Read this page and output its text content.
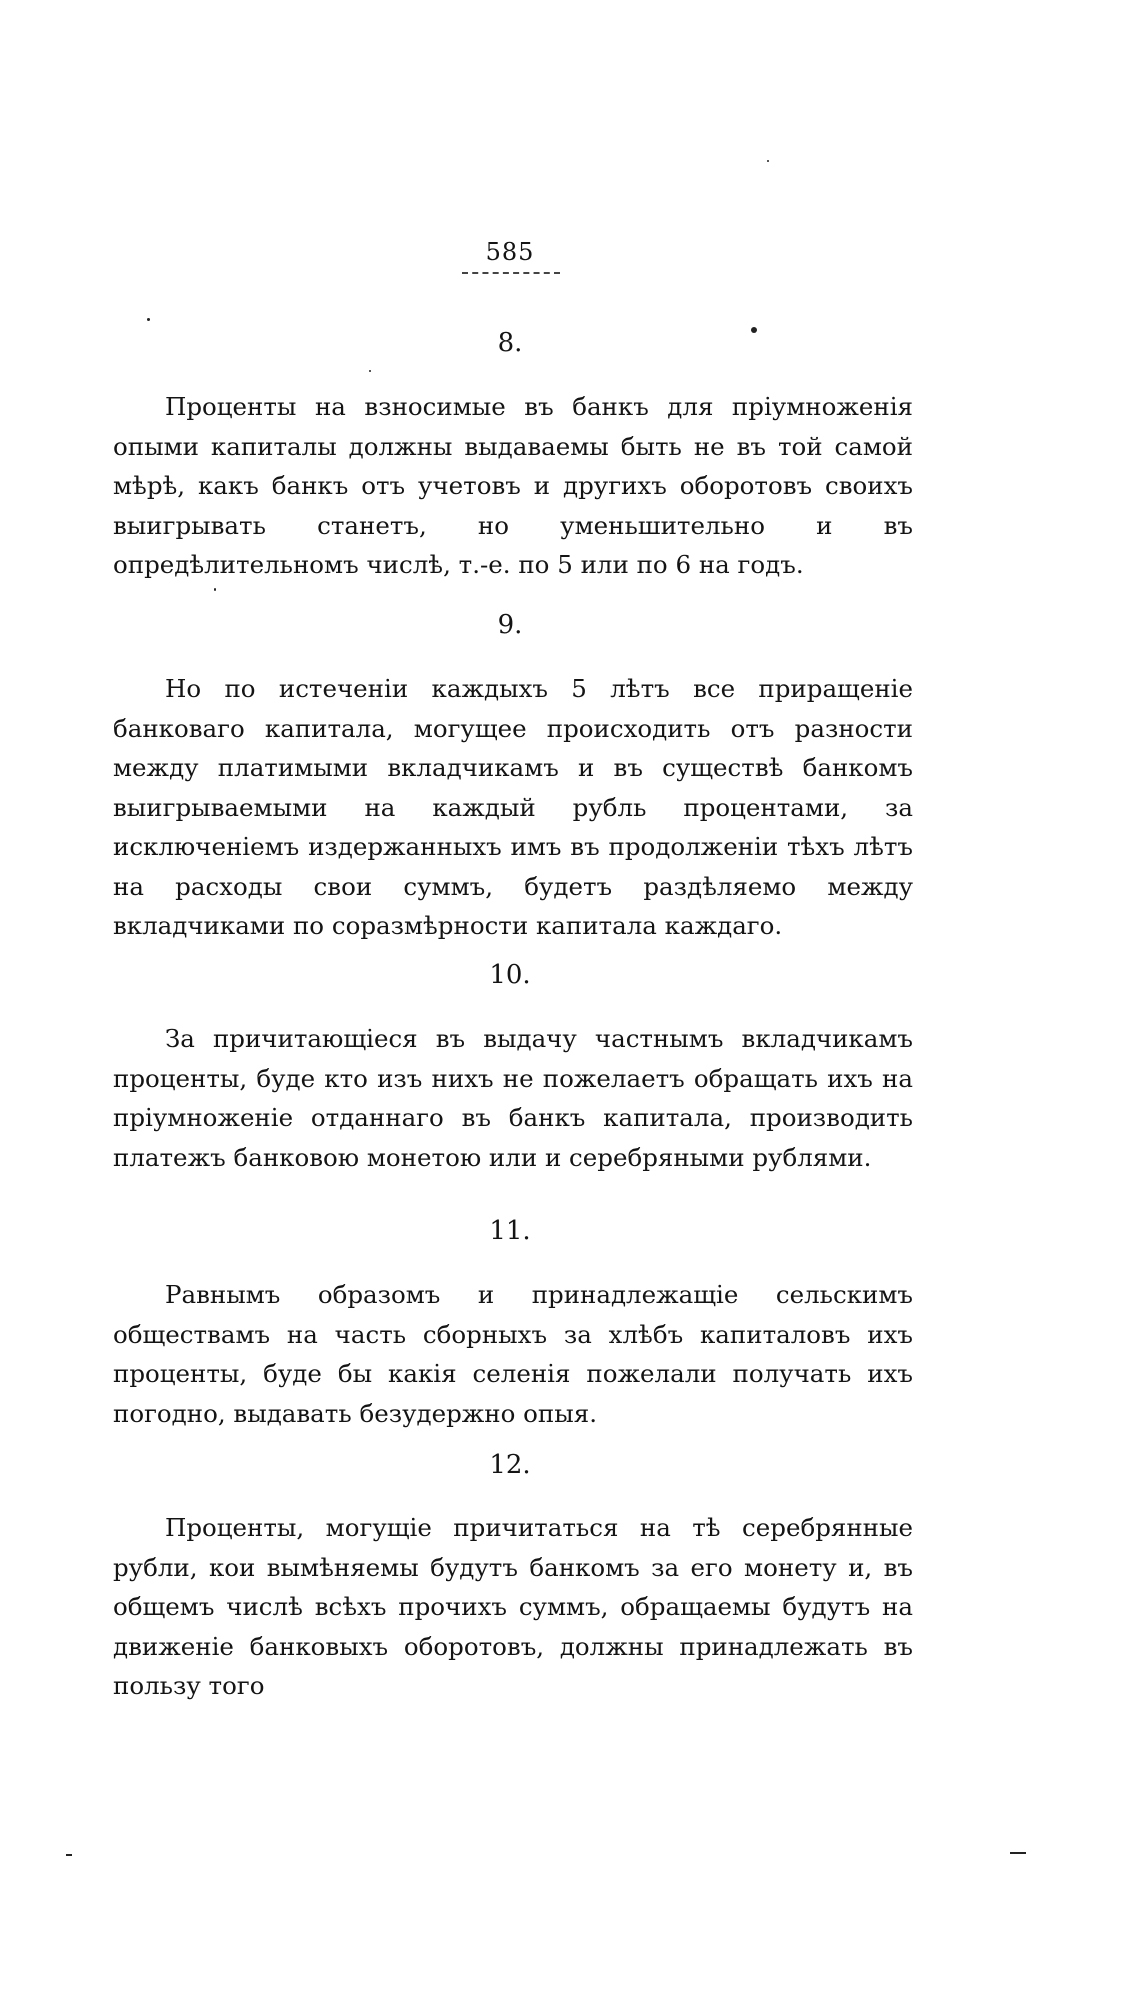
585
8.

Проценты на взносимые въ банкъ для пріумноженія опыми капиталы должны выдаваемы быть не въ той самой мѣрѣ, какъ банкъ отъ учетовъ и другихъ оборотовъ своихъ выигрывать станетъ, но уменьшительно и въ опредѣлительномъ числѣ, т.-е. по 5 или по 6 на годъ.

9.

Но по истеченіи каждыхъ 5 лѣтъ все приращеніе банковаго капитала, могущее происходить отъ разности между платимыми вкладчикамъ и въ существѣ банкомъ выигрываемыми на каждый рубль процентами, за исключеніемъ издержанныхъ имъ въ продолженіи тѣхъ лѣтъ на расходы свои суммъ, будетъ раздѣляемо между вкладчиками по соразмѣрности капитала каждаго.

10.

За причитающіеся въ выдачу частнымъ вкладчикамъ проценты, буде кто изъ нихъ не пожелаетъ обращать ихъ на пріумноженіе отданнаго въ банкъ капитала, производить платежъ банковою монетою или и серебряными рублями.

11.

Равнымъ образомъ и принадлежащіе сельскимъ обществамъ на часть сборныхъ за хлѣбъ капиталовъ ихъ проценты, буде бы какія селенія пожелали получать ихъ погодно, выдавать безудержно опыя.

12.

Проценты, могущіе причитаться на тѣ серебрянные рубли, кои вымѣняемы будутъ банкомъ за его монету и, въ общемъ числѣ всѣхъ прочихъ суммъ, обращаемы будутъ на движеніе банковыхъ оборотовъ, должны принадлежать въ пользу того
